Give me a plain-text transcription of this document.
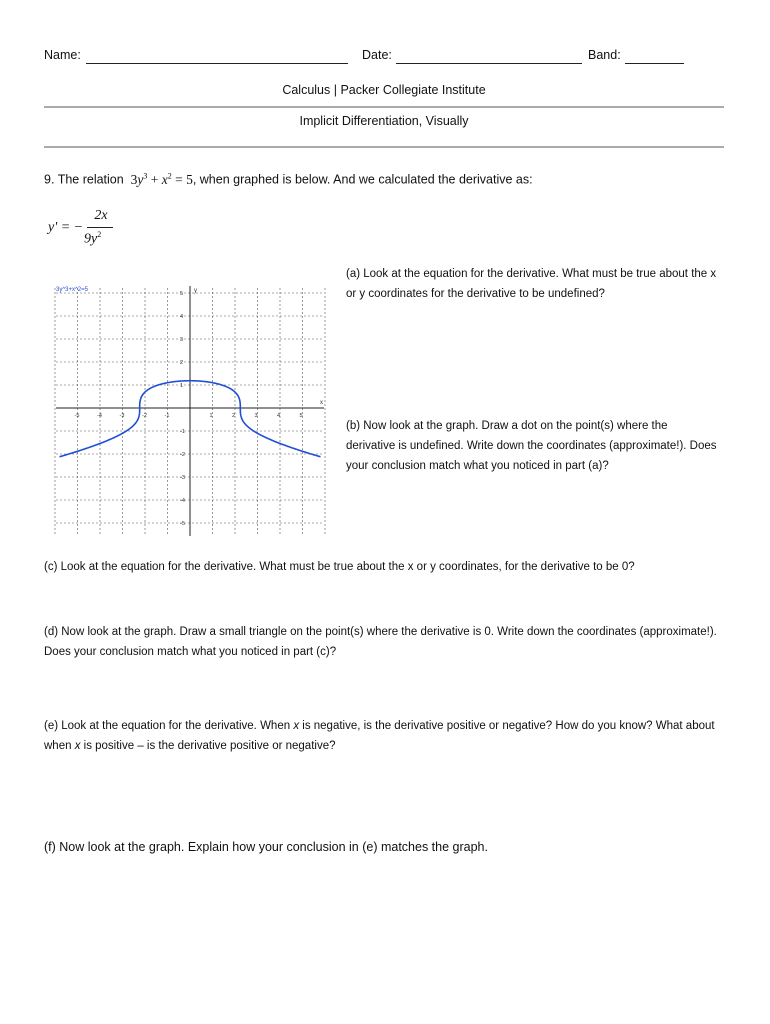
Name:	Date:	Band:
Calculus | Packer Collegiate Institute
Implicit Differentiation, Visually
9. The relation $3y^3 + x^2 = 5$, when graphed is below. And we calculated the derivative as:
y' = −
2x
$9y^2$
-5	-4	-3	-2	-1	1	2	3	4	5
5
4
3
2
1
-1
-2
-3
-4
-5
3y^3+x^2=5
x
y
(a) Look at the equation for the derivative. What must be true about the x or y coordinates for the derivative to be undefined?
(b) Now look at the graph. Draw a dot on the point(s) where the derivative is undefined. Write down the coordinates (approximate!). Does your conclusion match what you noticed in part (a)?
(c) Look at the equation for the derivative. What must be true about the x or y coordinates, for the derivative to be 0?
(d) Now look at the graph. Draw a small triangle on the point(s) where the derivative is 0. Write down the coordinates (approximate!). Does your conclusion match what you noticed in part (c)?
(e) Look at the equation for the derivative. When x is negative, is the derivative positive or negative? How do you know? What about when x is positive – is the derivative positive or negative?
(f) Now look at the graph. Explain how your conclusion in (e) matches the graph.
